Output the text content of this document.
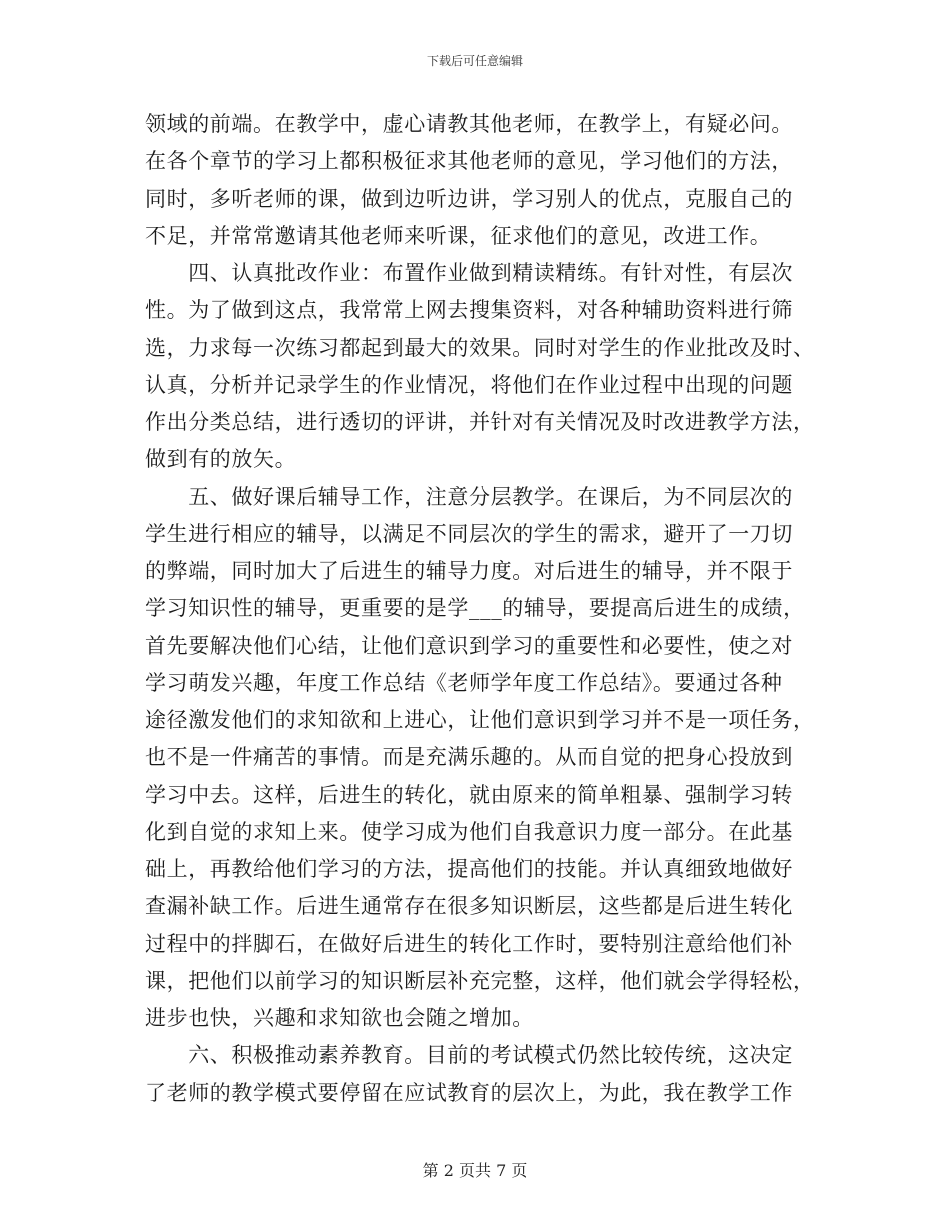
下载后可任意编辑
领域的前端。在教学中，虚心请教其他老师，在教学上，有疑必问。
在各个章节的学习上都积极征求其他老师的意见，学习他们的方法，
同时，多听老师的课，做到边听边讲，学习别人的优点，克服自己的
不足，并常常邀请其他老师来听课，征求他们的意见，改进工作。
　　四、认真批改作业：布置作业做到精读精练。有针对性，有层次
性。为了做到这点，我常常上网去搜集资料，对各种辅助资料进行筛
选，力求每一次练习都起到最大的效果。同时对学生的作业批改及时、
认真，分析并记录学生的作业情况，将他们在作业过程中出现的问题
作出分类总结，进行透切的评讲，并针对有关情况及时改进教学方法，
做到有的放矢。
　　五、做好课后辅导工作，注意分层教学。在课后，为不同层次的
学生进行相应的辅导，以满足不同层次的学生的需求，避开了一刀切
的弊端，同时加大了后进生的辅导力度。对后进生的辅导，并不限于
学习知识性的辅导，更重要的是学___的辅导，要提高后进生的成绩，
首先要解决他们心结，让他们意识到学习的重要性和必要性，使之对
学习萌发兴趣，年度工作总结《老师学年度工作总结》。要通过各种
途径激发他们的求知欲和上进心，让他们意识到学习并不是一项任务，
也不是一件痛苦的事情。而是充满乐趣的。从而自觉的把身心投放到
学习中去。这样，后进生的转化，就由原来的简单粗暴、强制学习转
化到自觉的求知上来。使学习成为他们自我意识力度一部分。在此基
础上，再教给他们学习的方法，提高他们的技能。并认真细致地做好
查漏补缺工作。后进生通常存在很多知识断层，这些都是后进生转化
过程中的拌脚石，在做好后进生的转化工作时，要特别注意给他们补
课，把他们以前学习的知识断层补充完整，这样，他们就会学得轻松，
进步也快，兴趣和求知欲也会随之增加。
　　六、积极推动素养教育。目前的考试模式仍然比较传统，这决定
了老师的教学模式要停留在应试教育的层次上，为此，我在教学工作
第 2 页共 7 页
